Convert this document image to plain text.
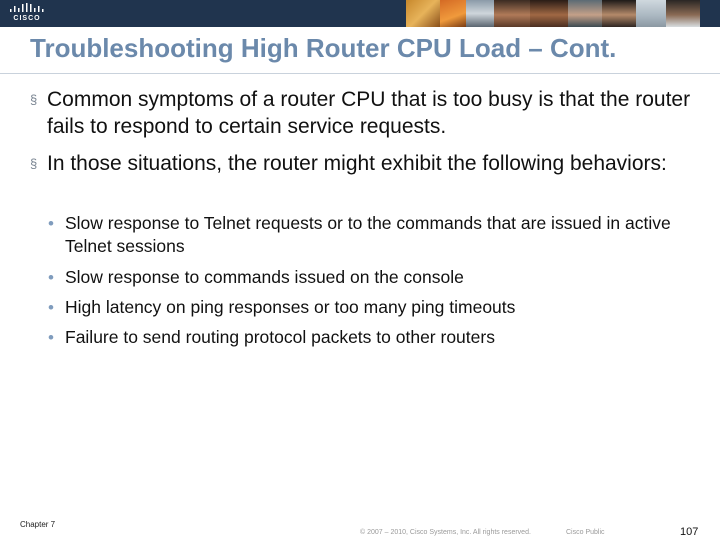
CISCO
Troubleshooting High Router CPU Load – Cont.
§ Common symptoms of a router CPU that is too busy is that the router fails to respond to certain service requests.
§ In those situations, the router might exhibit the following behaviors:
• Slow response to Telnet requests or to the commands that are issued in active Telnet sessions
• Slow response to commands issued on the console
• High latency on ping responses or too many ping timeouts
• Failure to send routing protocol packets to other routers
Chapter 7
© 2007 – 2010, Cisco Systems, Inc. All rights reserved.	Cisco Public	107
